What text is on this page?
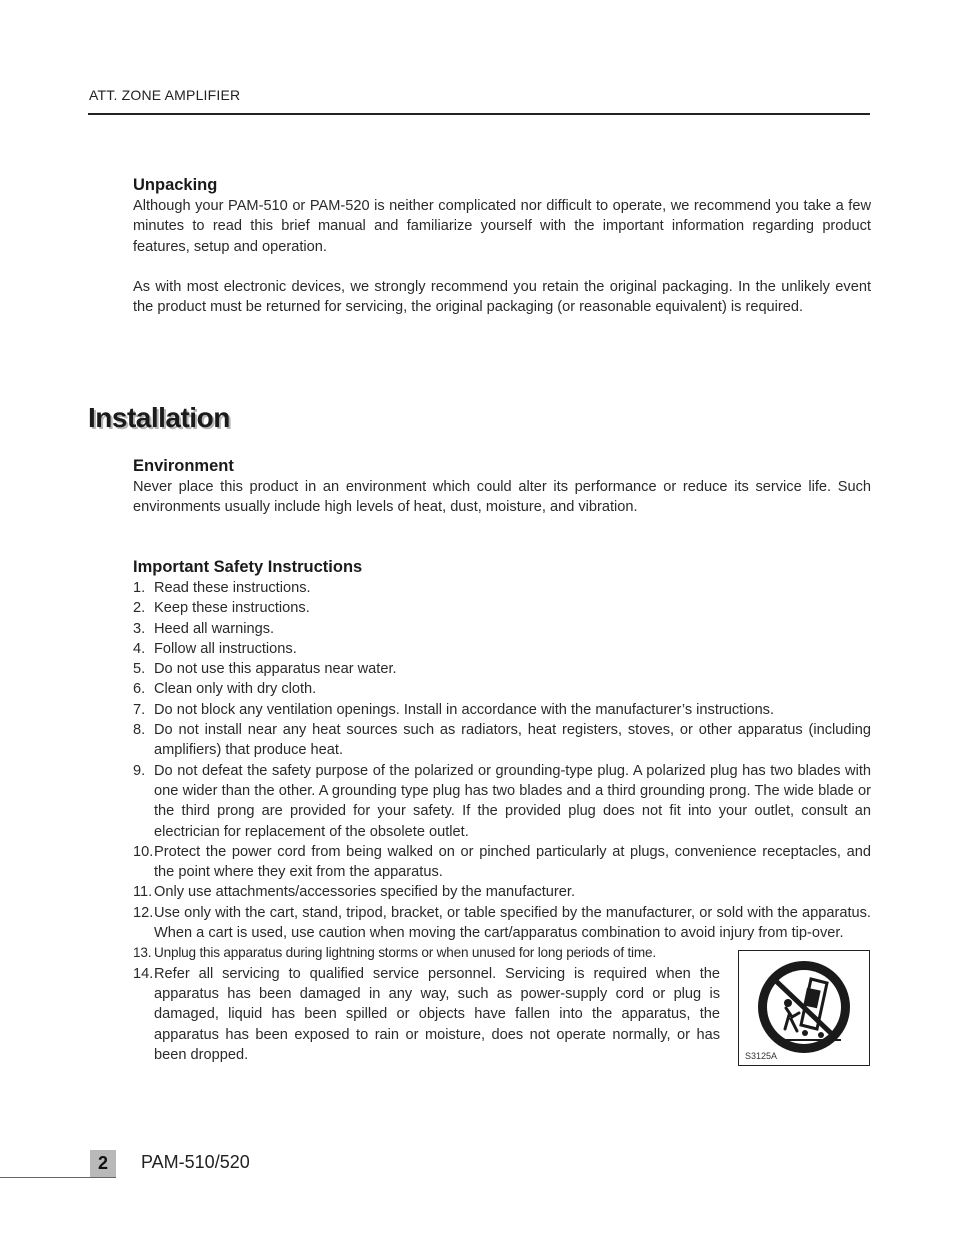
ATT. ZONE AMPLIFIER
Unpacking

Although your PAM-510 or PAM-520 is neither complicated nor difficult to operate, we recommend you take a few minutes to read this brief manual and familiarize yourself with the important information regarding product features, setup and operation.

As with most electronic devices, we strongly recommend you retain the original packaging. In the unlikely event the product must be returned for servicing, the original packaging (or reasonable equivalent) is required.

Installation
Environment

Never place this product in an environment which could alter its performance or reduce its service life. Such environments usually include high levels of heat, dust, moisture, and vibration.

Important Safety Instructions
1. Read these instructions.
2. Keep these instructions.
3. Heed all warnings.
4. Follow all instructions.
5. Do not use this apparatus near water.
6. Clean only with dry cloth.
7. Do not block any ventilation openings. Install in accordance with the manufacturer’s instructions.
8. Do not install near any heat sources such as radiators, heat registers, stoves, or other apparatus (including amplifiers) that produce heat.
9. Do not defeat the safety purpose of the polarized or grounding-type plug. A polarized plug has two blades with one wider than the other. A grounding type plug has two blades and a third grounding prong. The wide blade or the third prong are provided for your safety. If the provided plug does not fit into your outlet, consult an electrician for replacement of the obsolete outlet.
10. Protect the power cord from being walked on or pinched particularly at plugs, convenience receptacles, and the point where they exit from the apparatus.
11. Only use attachments/accessories specified by the manufacturer.
12. Use only with the cart, stand, tripod, bracket, or table specified by the manufacturer, or sold with the apparatus. When a cart is used, use caution when moving the cart/apparatus combination to avoid injury from tip-over.
13. Unplug this apparatus during lightning storms or when unused for long periods of time.
14. Refer all servicing to qualified service personnel. Servicing is required when the apparatus has been damaged in any way, such as power-supply cord or plug is damaged, liquid has been spilled or objects have fallen into the apparatus, the apparatus has been exposed to rain or moisture, does not operate normally, or has been dropped.	S3125A
2	PAM-510/520
